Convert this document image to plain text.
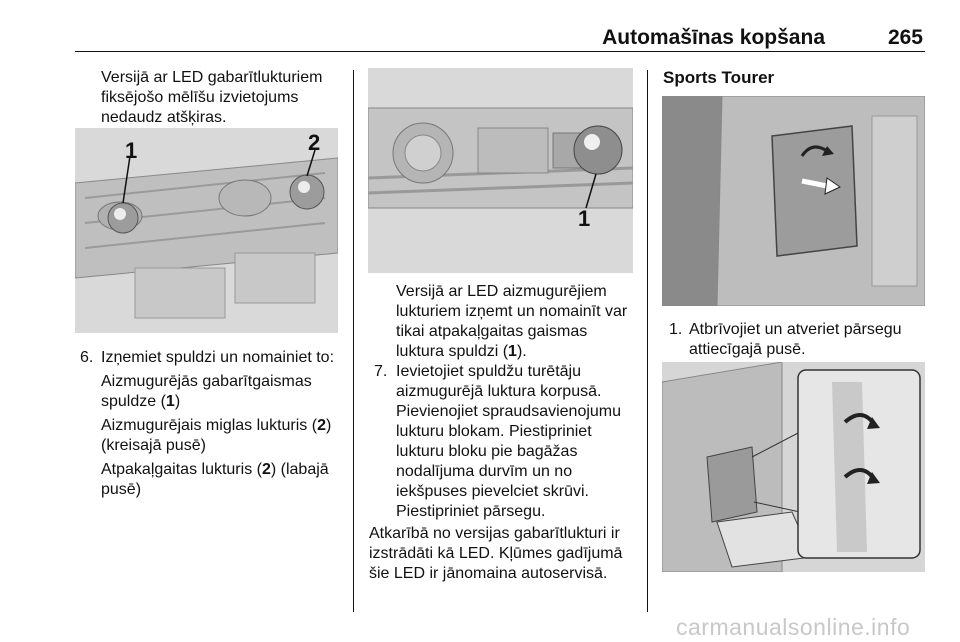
Automašīnas kopšana	265
Versijā ar LED gabarītlukturiem
fiksējošo mēlīšu izvietojums
nedaudz atšķiras.
1	2
6. Izņemiet spuldzi un nomainiet to:
Aizmugurējās gabarītgaismas
spuldze (1)
Aizmugurējais miglas lukturis (2)
(kreisajā pusē)
Atpakaļgaitas lukturis (2) (labajā
pusē)
1
Versijā ar LED aizmugurējiem
lukturiem izņemt un nomainīt var
tikai atpakaļgaitas gaismas
luktura spuldzi (1).
7. Ievietojiet spuldžu turētāju
aizmugurējā luktura korpusā.
Pievienojiet spraudsavienojumu
lukturu blokam. Piestipriniet
lukturu bloku pie bagāžas
nodalījuma durvīm un no
iekšpuses pievelciet skrūvi.
Piestipriniet pārsegu.
Atkarībā no versijas gabarītlukturi ir
izstrādāti kā LED. Kļūmes gadījumā
šie LED ir jānomaina autoservisā.
Sports Tourer
1. Atbrīvojiet un atveriet pārsegu
attiecīgajā pusē.
carmanualsonline.info
